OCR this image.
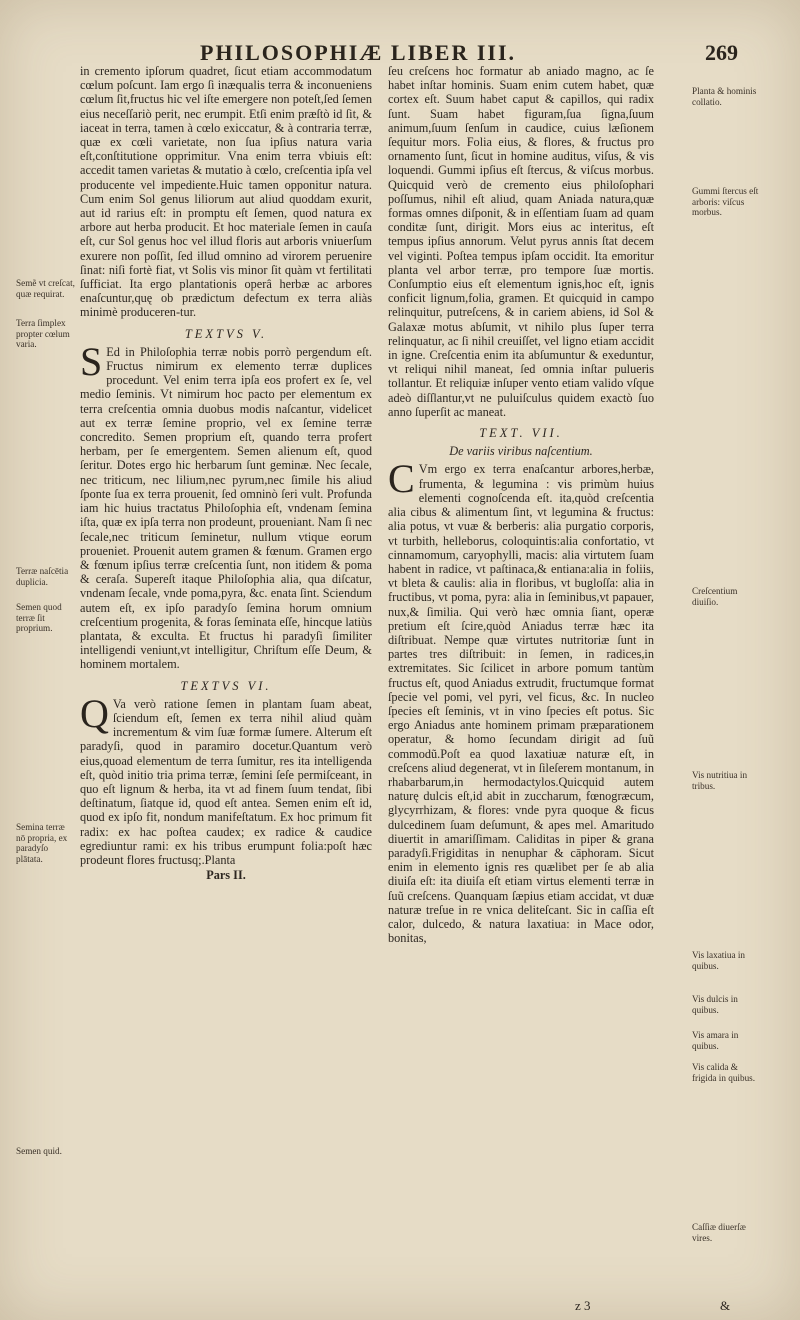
PHILOSOPHIÆ LIBER III.	269

in cremento ipſorum quadret, ſicut etiam accommodatum cœlum poſcunt. Iam ergo ſi inæqualis terra & inconueniens cœlum ſit,fructus hic vel iſte emergere non poteſt,ſed ſemen eius neceſſariò perit, nec erumpit. Etſi enim præſtò id ſit, & iaceat in terra, tamen à cœlo exiccatur, & à contraria terræ, quæ ex cœli varietate, non ſua ipſius natura varia eſt,conſtitutione opprimitur. Vna enim terra vbiuis eſt: accedit tamen varietas & mutatio à cœlo, creſcentia ipſa vel producente vel impediente.Huic tamen opponitur natura. Cum enim Sol genus liliorum aut aliud quoddam exurit, aut id rarius eſt: in promptu eſt ſemen, quod natura ex arbore aut herba producit. Et hoc materiale ſemen in cauſa eſt, cur Sol genus hoc vel illud floris aut arboris vniuerſum exurere non poſſit, ſed illud omnino ad virorem peruenire ſinat: niſi fortè fiat, vt Solis vis minor ſit quàm vt fertilitati ſufficiat. Ita ergo plantationis operâ herbæ ac arbores enaſcuntur,quę ob prædictum defectum ex terra aliàs minimè produceren-tur.

TEXTVS V.

S Ed in Philoſophia terræ nobis porrò pergendum eſt. Fructus nimirum ex elemento terræ duplices procedunt. Vel enim terra ipſa eos profert ex ſe, vel medio ſeminis. Vt nimirum hoc pacto per elementum ex terra creſcentia omnia duobus modis naſcantur, videlicet aut ex terræ ſemine proprio, vel ex ſemine terræ concredito. Semen proprium eſt, quando terra profert herbam, per ſe emergentem. Semen alienum eſt, quod ſeritur. Dotes ergo hic herbarum ſunt geminæ. Nec ſecale, nec triticum, nec lilium,nec pyrum,nec ſimile his aliud ſponte ſua ex terra prouenit, ſed omninò ſeri vult. Profunda iam hic huius tractatus Philoſophia eſt, vndenam ſemina iſta, quæ ex ipſa terra non prodeunt, proueniant. Nam ſi nec ſecale,nec triticum ſeminetur, nullum vtique eorum proueniet. Prouenit autem gramen & fœnum. Gramen ergo & fœnum ipſius terræ creſcentia ſunt, non itidem & poma & ceraſa. Supereſt itaque Philoſophia alia, qua diſcatur, vndenam ſecale, vnde poma,pyra, &c. enata ſint. Sciendum autem eſt, ex ipſo paradyſo ſemina horum omnium creſcentium progenita, & foras ſeminata eſſe, hincque latiùs plantata, & exculta. Et fructus hi paradyſi ſimiliter intelligendi veniunt,vt intelligitur, Chriſtum eſſe Deum, & hominem mortalem.

TEXTVS VI.

Q Va verò ratione ſemen in plantam ſuam abeat, ſciendum eſt, ſemen ex terra nihil aliud quàm incrementum & vim ſuæ formæ ſumere. Alterum eſt paradyſi, quod in paramiro docetur.Quantum verò eius,quoad elementum de terra ſumitur, res ita intelligenda eſt, quòd initio tria prima terræ, ſemini ſeſe permiſceant, in quo eſt lignum & herba, ita vt ad finem ſuum tendat, ſibi deſtinatum, ſiatque id, quod eſt antea. Semen enim eſt id, quod ex ipſo fit, nondum manifeſtatum. Ex hoc primum fit radix: ex hac poſtea caudex; ex radice & caudice egrediuntur rami: ex his tribus erumpunt folia:poſt hæc prodeunt flores fructusq;.Planta

Pars II.

ſeu creſcens hoc formatur ab aniado magno, ac ſe habet inſtar hominis. Suam enim cutem habet, quæ cortex eſt. Suum habet caput & capillos, qui radix ſunt. Suam habet figuram,ſua ſigna,ſuum animum,ſuum ſenſum in caudice, cuius læſionem ſequitur mors. Folia eius, & flores, & fructus pro ornamento ſunt, ſicut in homine auditus, viſus, & vis loquendi. Gummi ipſius eſt ſtercus, & viſcus morbus. Quicquid verò de cremento eius philoſophari poſſumus, nihil eſt aliud, quam Aniada natura,quæ formas omnes diſponit, & in eſſentiam ſuam ad quam conditæ ſunt, dirigit. Mors eius ac interitus, eſt tempus ipſius annorum. Velut pyrus annis ſtat decem vel viginti. Poſtea tempus ipſam occidit. Ita emoritur planta vel arbor terræ, pro tempore ſuæ mortis. Conſumptio eius eſt elementum ignis,hoc eſt, ignis conficit lignum,folia, gramen. Et quicquid in campo relinquitur, putreſcens, & in cariem abiens, id Sol & Galaxæ motus abſumit, vt nihilo plus ſuper terra relinquatur, ac ſi nihil creuiſſet, vel ligno etiam accidit in igne. Creſcentia enim ita abſumuntur & exeduntur, vt reliqui nihil maneat, ſed omnia inſtar pulueris tollantur. Et reliquiæ inſuper vento etiam valido vſque adeò diſſlantur,vt ne puluiſculus quidem exactò ſuo anno ſuperſit ac maneat.

TEXT. VII.
De variis viribus naſcentium.

C Vm ergo ex terra enaſcantur arbores,herbæ, frumenta, & legumina : vis primùm huius elementi cognoſcenda eſt. ita,quòd creſcentia alia cibus & alimentum ſint, vt legumina & fructus: alia potus, vt vuæ & berberis: alia purgatio corporis, vt turbith, helleborus, coloquintis:alia confortatio, vt cinnamomum, caryophylli, macis: alia virtutem ſuam habent in radice, vt paſtinaca,& entiana:alia in foliis, vt bleta & caulis: alia in floribus, vt bugloſſa: alia in fructibus, vt poma, pyra: alia in ſeminibus,vt papauer, nux,& ſimilia. Qui verò hæc omnia ſiant, operæ pretium eſt ſcire,quòd Aniadus terræ hæc ita diſtribuat. Nempe quæ virtutes nutritoriæ ſunt in partes tres diſtribuit: in ſemen, in radices,in extremitates. Sic ſcilicet in arbore pomum tantùm fructus eſt, quod Aniadus extrudit, fructumque format ſpecie vel pomi, vel pyri, vel ficus, &c. In nucleo ſpecies eſt ſeminis, vt in vino ſpecies eſt potus. Sic ergo Aniadus ante hominem primam præparationem operatur, & homo ſecundam dirigit ad ſuũ commodũ.Poſt ea quod laxatiuæ naturæ eſt, in creſcens aliud degenerat, vt in ſileſerem montanum, in rhabarbarum,in hermodactylos.Quicquid autem naturę dulcis eſt,id abit in zuccharum, fœnogræcum, glycyrrhizam, & flores: vnde pyra quoque & ficus dulcedinem ſuam deſumunt, & apes mel. Amaritudo diuertit in amariſſimam. Caliditas in piper & grana paradyſi.Frigiditas in nenuphar & cāphoram. Sicut enim in elemento ignis res quælibet per ſe ab alia diuiſa eſt: ita diuiſa eſt etiam virtus elementi terræ in ſuũ creſcens. Quanquam ſæpius etiam accidat, vt duæ naturæ treſue in re vnica deliteſcant. Sic in caſſia eſt calor, dulcedo, & natura laxatiua: in Mace odor, bonitas,

Semẽ vt creſcat, quæ requirat.
Terra ſimplex propter cœlum varia.
Terræ naſcētia duplicia.
Semen quod terræ ſit proprium.
Semina terræ nō propria, ex paradyſo plātata.
Semen quid.
Planta & hominis collatio.
Gummi ſtercus eſt arboris: viſcus morbus.
Creſcentium diuiſio.
Vis nutritiua in tribus.
Vis laxatiua in quibus.
Vis dulcis in quibus.
Vis amara in quibus.
Vis calida & frigida in quibus.
Caſſiæ diuerſæ vires.
z 3	&
